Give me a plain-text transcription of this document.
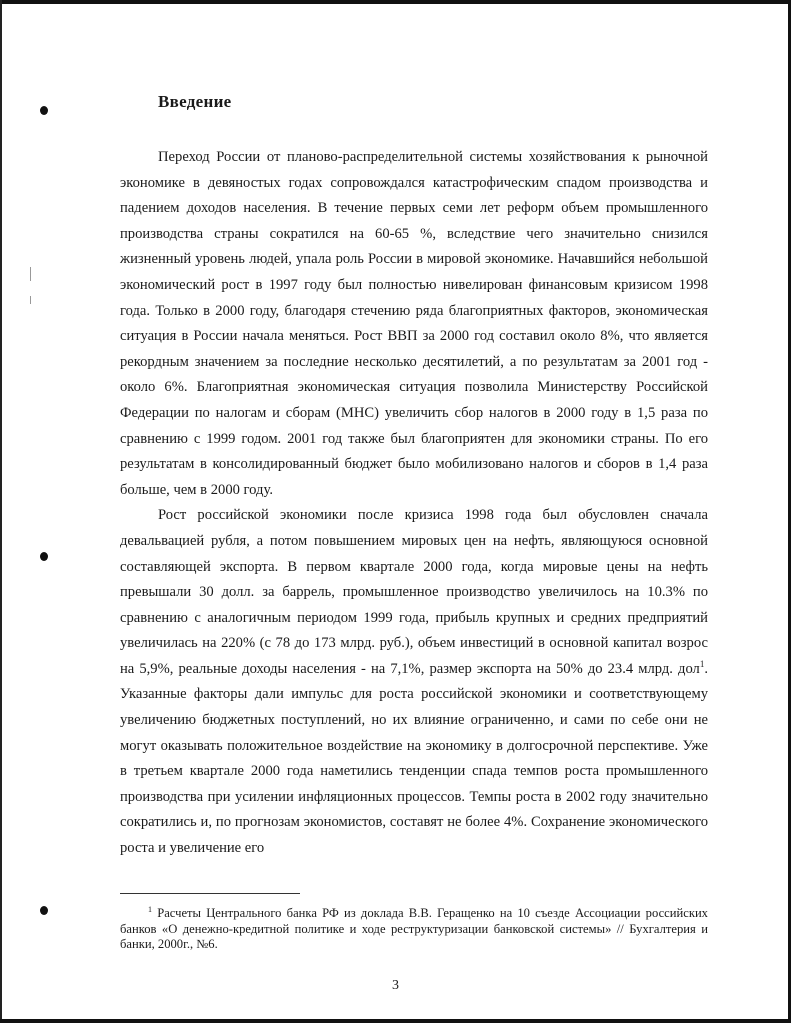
Введение

Переход России от планово-распределительной системы хозяйствования к рыночной экономике в девяностых годах сопровождался катастрофическим спадом производства и падением доходов населения. В течение первых семи лет реформ объем промышленного производства страны сократился на 60-65 %, вследствие чего значительно снизился жизненный уровень людей, упала роль России в мировой экономике. Начавшийся небольшой экономический рост в 1997 году был полностью нивелирован финансовым кризисом 1998 года. Только в 2000 году, благодаря стечению ряда благоприятных факторов, экономическая ситуация в России начала меняться. Рост ВВП за 2000 год составил около 8%, что является рекордным значением за последние несколько десятилетий, а по результатам за 2001 год - около 6%. Благоприятная экономическая ситуация позволила Министерству Российской Федерации по налогам и сборам (МНС) увеличить сбор налогов в 2000 году в 1,5 раза по сравнению с 1999 годом. 2001 год также был благоприятен для экономики страны. По его результатам в консолидированный бюджет было мобилизовано налогов и сборов в 1,4 раза больше, чем в 2000 году.

Рост российской экономики после кризиса 1998 года был обусловлен сначала девальвацией рубля, а потом повышением мировых цен на нефть, являющуюся основной составляющей экспорта. В первом квартале 2000 года, когда мировые цены на нефть превышали 30 долл. за баррель, промышленное производство увеличилось на 10.3% по сравнению с аналогичным периодом 1999 года, прибыль крупных и средних предприятий увеличилась на 220% (с 78 до 173 млрд. руб.), объем инвестиций в основной капитал возрос на 5,9%, реальные доходы населения - на 7,1%, размер экспорта на 50% до 23.4 млрд. дол$^1$. Указанные факторы дали импульс для роста российской экономики и соответствующему увеличению бюджетных поступлений, но их влияние ограниченно, и сами по себе они не могут оказывать положительное воздействие на экономику в долгосрочной перспективе. Уже в третьем квартале 2000 года наметились тенденции спада темпов роста промышленного производства при усилении инфляционных процессов. Темпы роста в 2002 году значительно сократились и, по прогнозам экономистов, составят не более 4%. Сохранение экономического роста и увеличение его

$^1$ Расчеты Центрального банка РФ из доклада В.В. Геращенко на 10 съезде Ассоциации российских банков «О денежно-кредитной политике и ходе реструктуризации банковской системы» // Бухгалтерия и банки, 2000г., №6.

3
